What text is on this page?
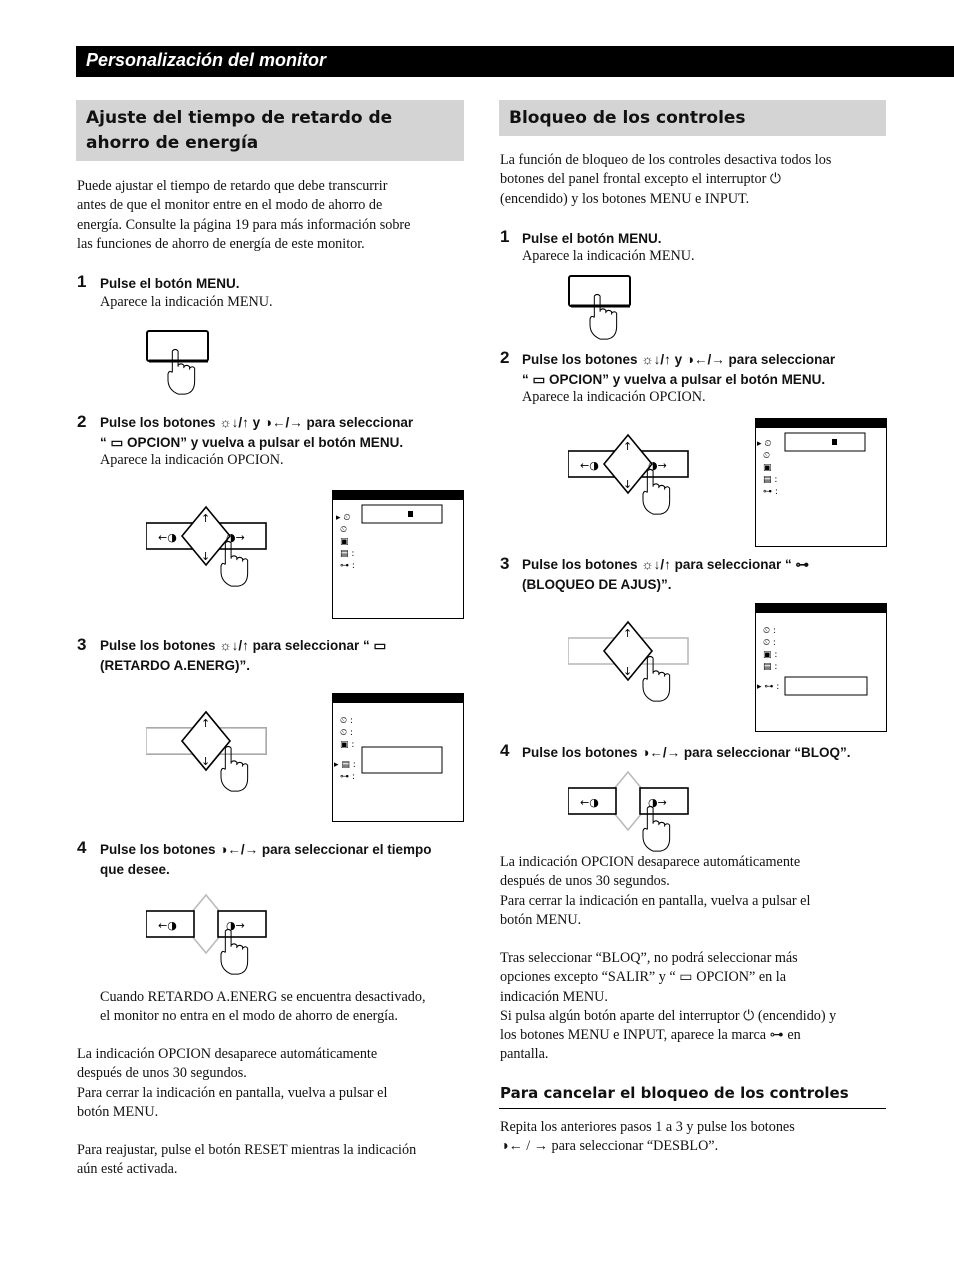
Personalización del monitor
Ajuste del tiempo de retardo de ahorro de energía
Puede ajustar el tiempo de retardo que debe transcurrir
antes de que el monitor entre en el modo de ahorro de
energía. Consulte la página 19 para más información sobre
las funciones de ahorro de energía de este monitor.
1 Pulse el botón MENU.
Aparece la indicación MENU.
2 Pulse los botones ☼↓/↑ y ◑←/→ para seleccionar
“ ▭ OPCION” y vuelva a pulsar el botón MENU.
Aparece la indicación OPCION.
←◑	◑→
↑
↓
▸ ⏲
⏲
▣
▤ :
⊶ :
3 Pulse los botones ☼↓/↑ para seleccionar “ ▭
(RETARDO A.ENERG)”.
↑
↓
⏲ :
⏲ :
▣ :
▸ ▤ :
⊶ :
4 Pulse los botones ◑←/→ para seleccionar el tiempo
que desee.
←◑	◑→
Cuando RETARDO A.ENERG se encuentra desactivado,
el monitor no entra en el modo de ahorro de energía.
La indicación OPCION desaparece automáticamente
después de unos 30 segundos.
Para cerrar la indicación en pantalla, vuelva a pulsar el
botón MENU.
Para reajustar, pulse el botón RESET mientras la indicación
aún esté activada.
Bloqueo de los controles
La función de bloqueo de los controles desactiva todos los
botones del panel frontal excepto el interruptor ⏻
(encendido) y los botones MENU e INPUT.
1 Pulse el botón MENU.
Aparece la indicación MENU.
2 Pulse los botones ☼↓/↑ y ◑←/→ para seleccionar
“ ▭ OPCION” y vuelva a pulsar el botón MENU.
Aparece la indicación OPCION.
←◑	◑→
↑
↓
▸ ⏲
⏲
▣
▤ :
⊶ :
3 Pulse los botones ☼↓/↑ para seleccionar “ ⊶
(BLOQUEO DE AJUS)”.
↑
↓
⏲ :
⏲ :
▣ :
▤ :
▸ ⊶ :
4 Pulse los botones ◑←/→ para seleccionar “BLOQ”.
←◑	◑→
La indicación OPCION desaparece automáticamente
después de unos 30 segundos.
Para cerrar la indicación en pantalla, vuelva a pulsar el
botón MENU.
Tras seleccionar “BLOQ”, no podrá seleccionar más
opciones excepto “SALIR” y “ ▭ OPCION” en la
indicación MENU.
Si pulsa algún botón aparte del interruptor ⏻ (encendido) y
los botones MENU e INPUT, aparece la marca ⊶ en
pantalla.
Para cancelar el bloqueo de los controles
Repita los anteriores pasos 1 a 3 y pulse los botones
◑← / → para seleccionar “DESBLO”.
